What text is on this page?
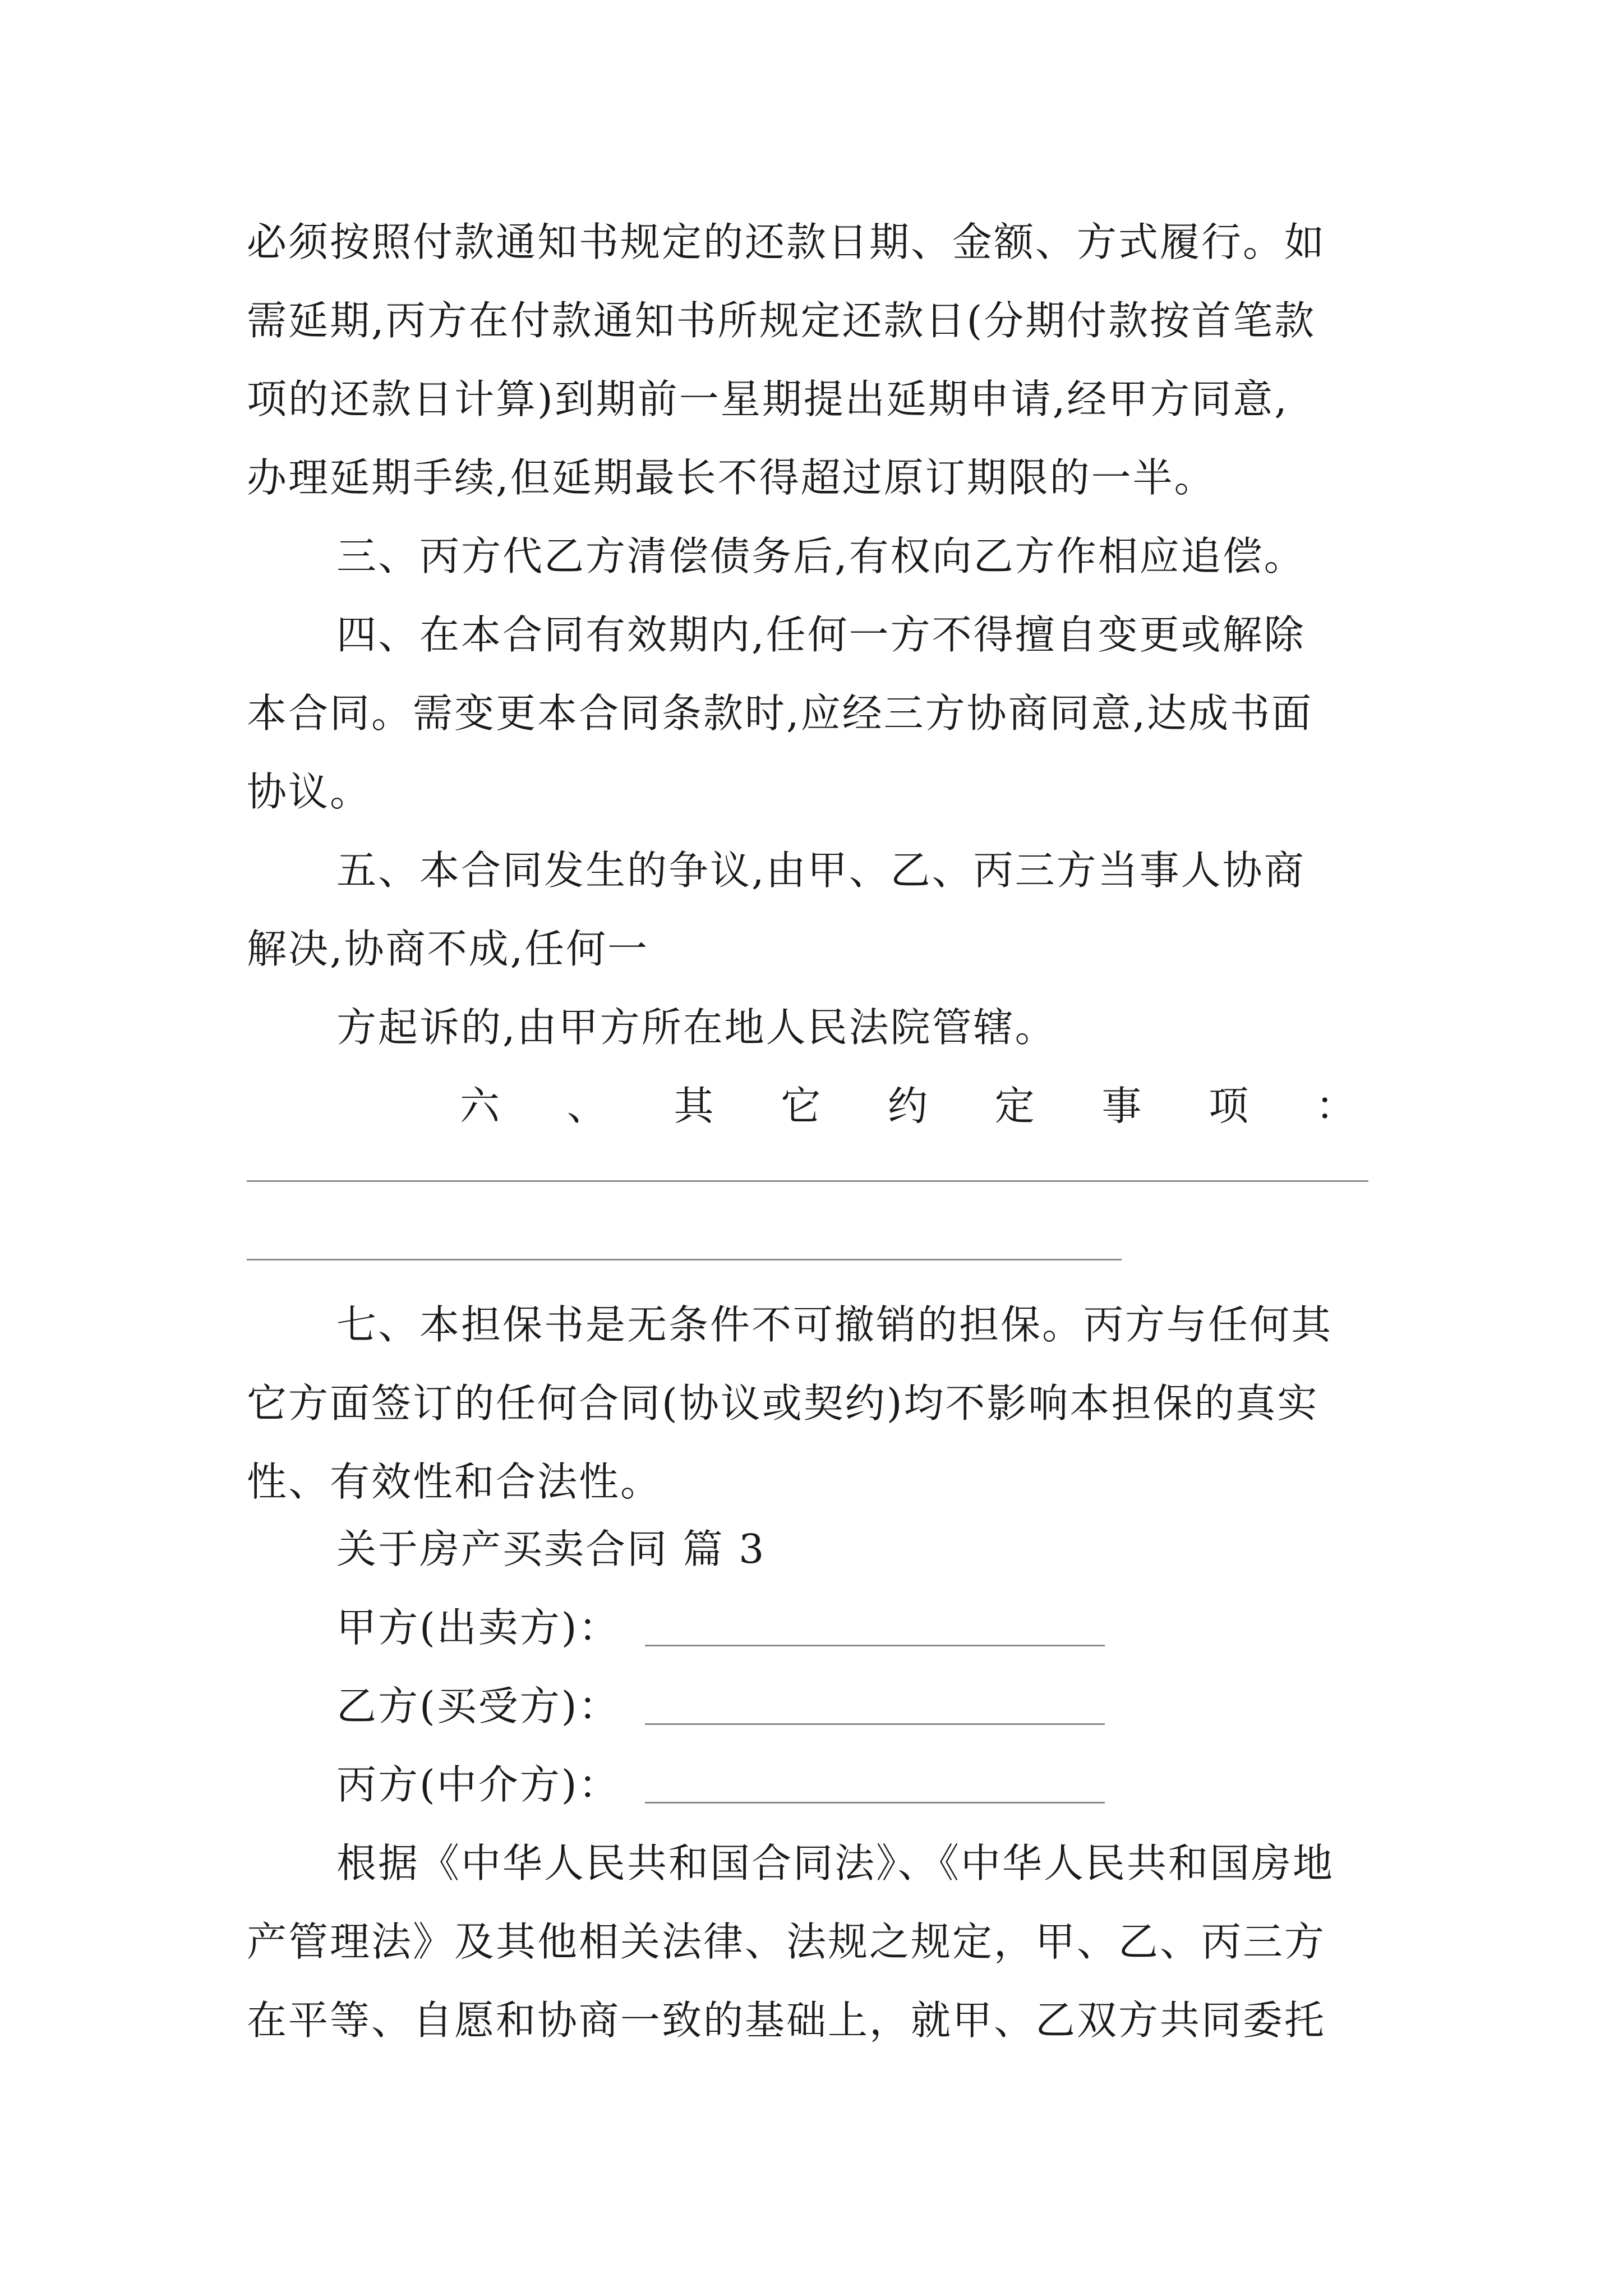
必须按照付款通知书规定的还款日期、金额、方式履行。如
需延期,丙方在付款通知书所规定还款日(分期付款按首笔款
项的还款日计算)到期前一星期提出延期申请,经甲方同意,
办理延期手续,但延期最长不得超过原订期限的一半。
三、丙方代乙方清偿债务后,有权向乙方作相应追偿。
四、在本合同有效期内,任何一方不得擅自变更或解除
本合同。需变更本合同条款时,应经三方协商同意,达成书面
协议。
五、本合同发生的争议,由甲、乙、丙三方当事人协商
解决,协商不成,任何一
方起诉的,由甲方所在地人民法院管辖。
六 、 其 它 约 定 事 项 ：
七、本担保书是无条件不可撤销的担保。丙方与任何其
它方面签订的任何合同(协议或契约)均不影响本担保的真实
性、有效性和合法性。
关于房产买卖合同 篇 3
甲方(出卖方)：
乙方(买受方)：
丙方(中介方)：
根据《中华人民共和国合同法》、《中华人民共和国房地
产管理法》及其他相关法律、法规之规定，甲、乙、丙三方
在平等、自愿和协商一致的基础上，就甲、乙双方共同委托
